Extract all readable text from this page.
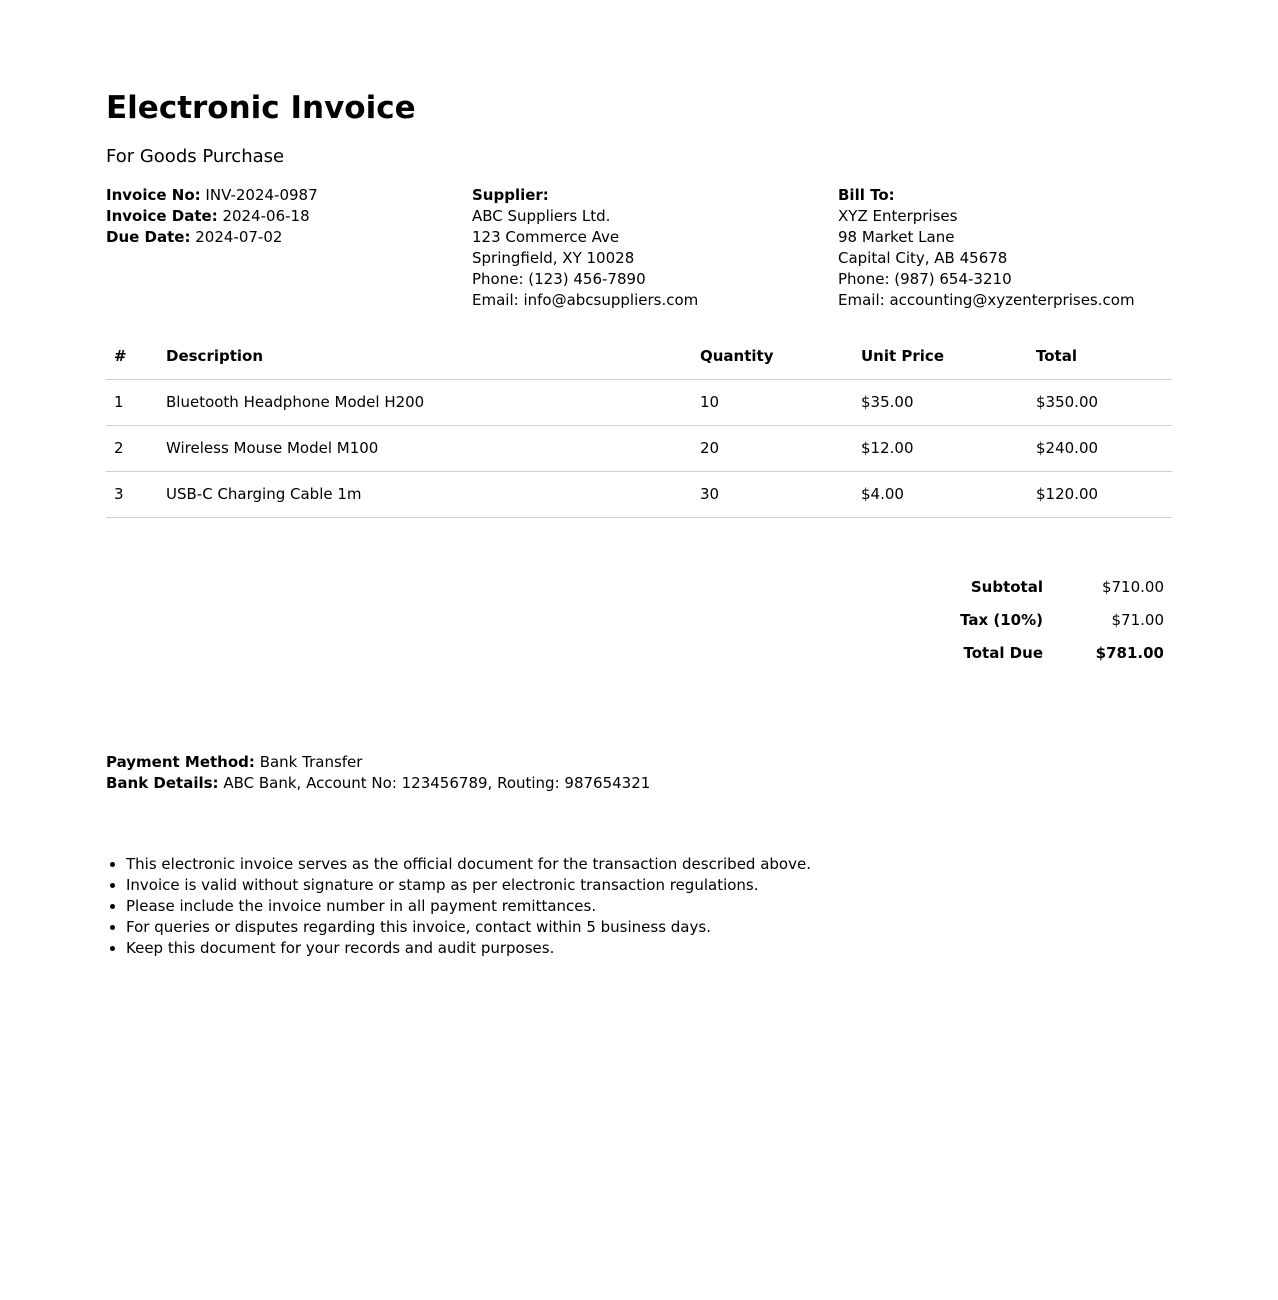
Electronic Invoice
For Goods Purchase
Invoice No: INV-2024-0987
Invoice Date: 2024-06-18
Due Date: 2024-07-02
Supplier:
ABC Suppliers Ltd.
123 Commerce Ave
Springfield, XY 10028
Phone: (123) 456-7890
Email: info@abcsuppliers.com
Bill To:
XYZ Enterprises
98 Market Lane
Capital City, AB 45678
Phone: (987) 654-3210
Email: accounting@xyzenterprises.com
#	Description	Quantity	Unit Price	Total
1	Bluetooth Headphone Model H200	10	$35.00	$350.00
2	Wireless Mouse Model M100	20	$12.00	$240.00
3	USB-C Charging Cable 1m	30	$4.00	$120.00
Subtotal	$710.00
Tax (10%)	$71.00
Total Due	$781.00
Payment Method: Bank Transfer
Bank Details: ABC Bank, Account No: 123456789, Routing: 987654321
• This electronic invoice serves as the official document for the transaction described above.
• Invoice is valid without signature or stamp as per electronic transaction regulations.
• Please include the invoice number in all payment remittances.
• For queries or disputes regarding this invoice, contact within 5 business days.
• Keep this document for your records and audit purposes.
